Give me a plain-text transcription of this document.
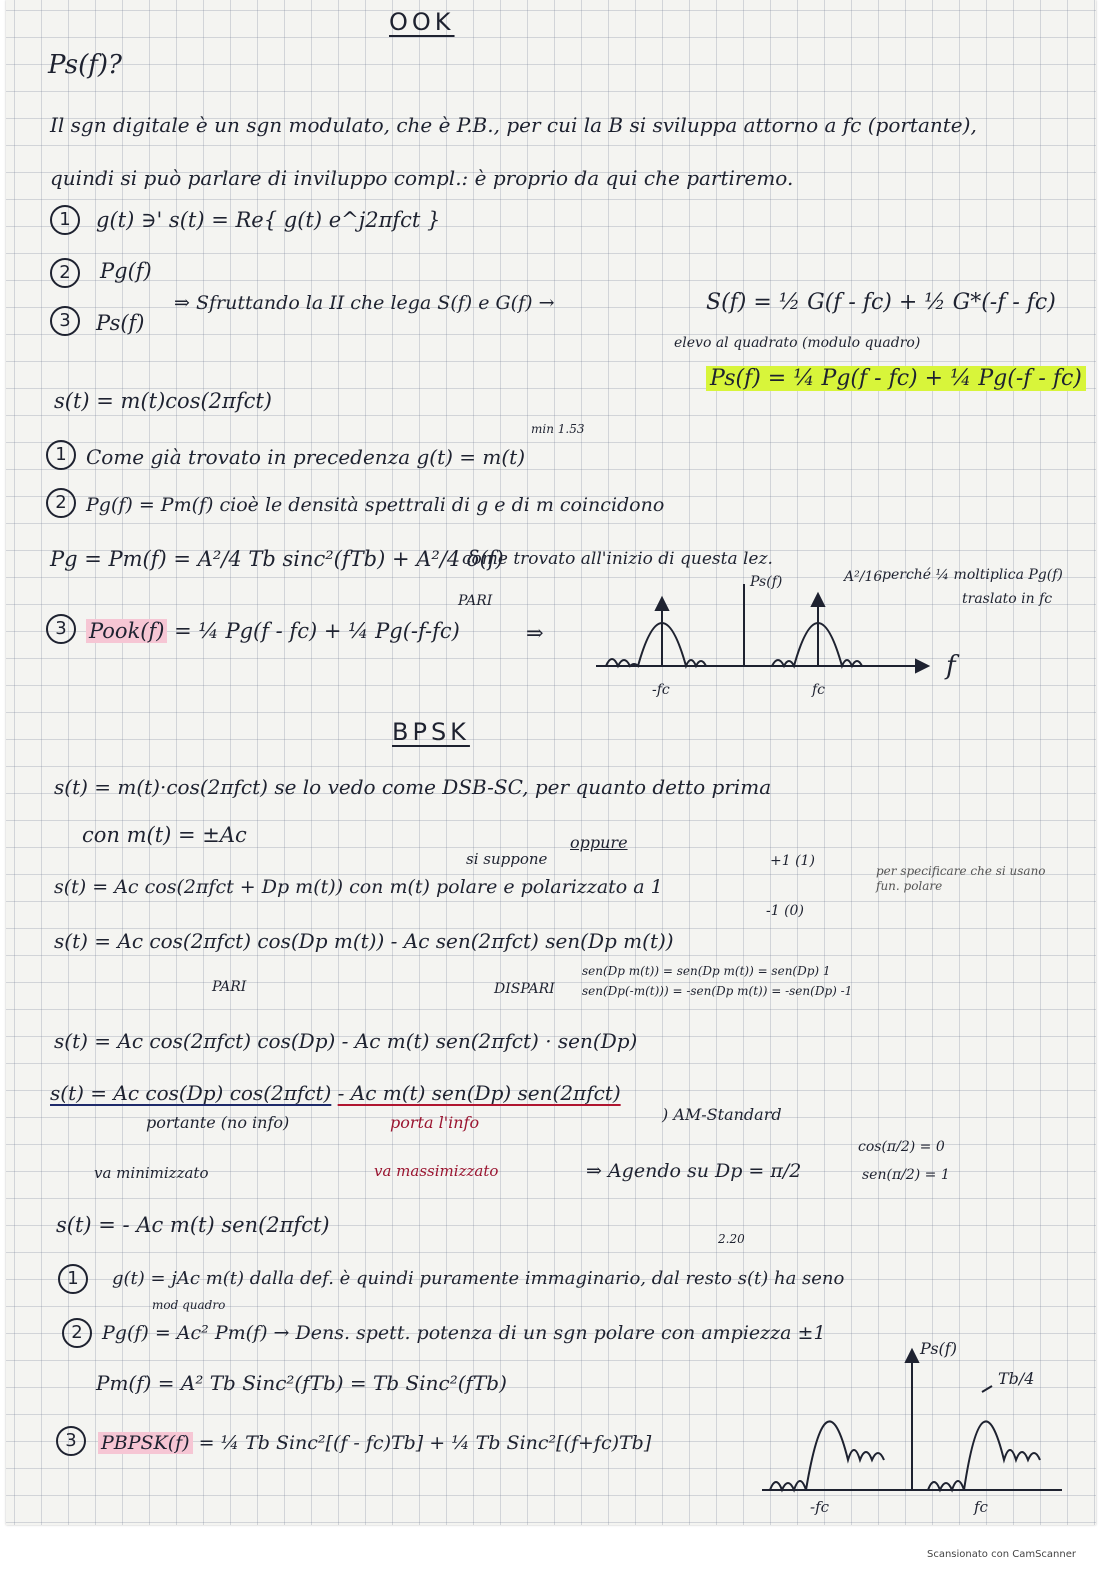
OOK
Ps(f)?
Il sgn digitale è un sgn modulato, che è P.B., per cui la B si sviluppa attorno a fc (portante),
quindi si può parlare di inviluppo compl.: è proprio da qui che partiremo.
1	g(t) ∋' s(t) = Re{ g(t) e^j2πfct }
2	Pg(f)
3	Ps(f)
⇒ Sfruttando la II che lega S(f) e G(f) →	S(f) = ½ G(f - fc) + ½ G*(-f - fc)
elevo al quadrato (modulo quadro)
Ps(f) = ¼ Pg(f - fc) + ¼ Pg(-f - fc)
s(t) = m(t)cos(2πfct)
min 1.53
1 Come già trovato in precedenza g(t) = m(t)
2	Pg(f) = Pm(f) cioè le densità spettrali di g e di m coincidono
Pg = Pm(f) = A²/4 Tb sinc²(fTb) + A²/4 δ(f)
come trovato all'inizio di questa lez.
3	Pook(f) = ¼ Pg(f - fc) + ¼ Pg(-f-fc)
PARI
⇒
A²/16 perché ¼ moltiplica Pg(f)
traslato in fc
Ps(f)
f
-fc	fc
BPSK
s(t) = m(t)·cos(2πfct) se lo vedo come DSB-SC, per quanto detto prima
con m(t) = ±Ac
si suppone
oppure
s(t) = Ac cos(2πfct + Dp m(t)) con m(t) polare e polarizzato a 1
+1 (1)
-1 (0)
per specificare che si usano fun. polare
s(t) = Ac cos(2πfct) cos(Dp m(t)) - Ac sen(2πfct) sen(Dp m(t))
PARI	DISPARI
sen(Dp m(t)) = sen(Dp m(t)) = sen(Dp) 1
sen(Dp(-m(t))) = -sen(Dp m(t)) = -sen(Dp) -1
s(t) = Ac cos(2πfct) cos(Dp) - Ac m(t) sen(2πfct) · sen(Dp)
s(t) = Ac cos(Dp) cos(2πfct) - Ac m(t) sen(Dp) sen(2πfct)
) AM-Standard
portante (no info)	porta l'info
va minimizzato	va massimizzato	⇒ Agendo su Dp = π/2
cos(π/2) = 0
sen(π/2) = 1
s(t) = - Ac m(t) sen(2πfct)
2.20
1	g(t) = jAc m(t) dalla def. è quindi puramente immaginario, dal resto s(t) ha seno
mod quadro
2	Pg(f) = Ac² Pm(f) → Dens. spett. potenza di un sgn polare con ampiezza ±1
Pm(f) = A² Tb Sinc²(fTb) = Tb Sinc²(fTb)
3	PBPSK(f) = ¼ Tb Sinc²[(f - fc)Tb] + ¼ Tb Sinc²[(f+fc)Tb]
Ps(f)
Tb/4
-fc	fc
Scansionato con CamScanner
